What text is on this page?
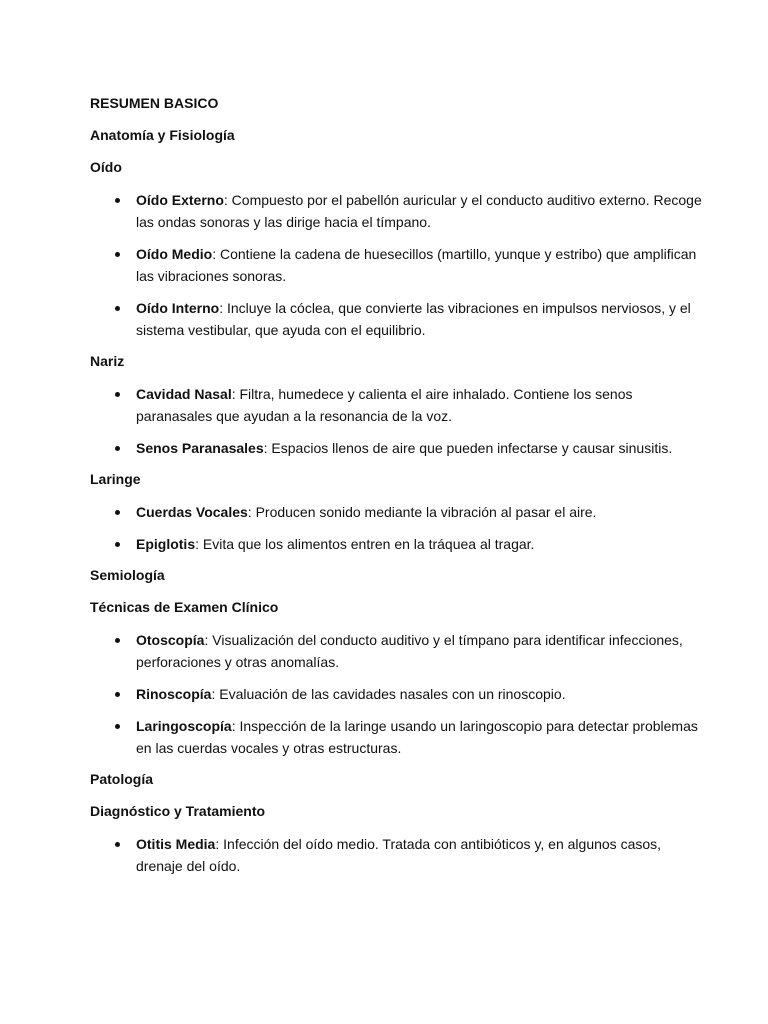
RESUMEN BASICO
Anatomía y Fisiología
Oído
Oído Externo: Compuesto por el pabellón auricular y el conducto auditivo externo. Recoge las ondas sonoras y las dirige hacia el tímpano.
Oído Medio: Contiene la cadena de huesecillos (martillo, yunque y estribo) que amplifican las vibraciones sonoras.
Oído Interno: Incluye la cóclea, que convierte las vibraciones en impulsos nerviosos, y el sistema vestibular, que ayuda con el equilibrio.
Nariz
Cavidad Nasal: Filtra, humedece y calienta el aire inhalado. Contiene los senos paranasales que ayudan a la resonancia de la voz.
Senos Paranasales: Espacios llenos de aire que pueden infectarse y causar sinusitis.
Laringe
Cuerdas Vocales: Producen sonido mediante la vibración al pasar el aire.
Epiglotis: Evita que los alimentos entren en la tráquea al tragar.
Semiología
Técnicas de Examen Clínico
Otoscopía: Visualización del conducto auditivo y el tímpano para identificar infecciones, perforaciones y otras anomalías.
Rinoscopía: Evaluación de las cavidades nasales con un rinoscopio.
Laringoscopía: Inspección de la laringe usando un laringoscopio para detectar problemas en las cuerdas vocales y otras estructuras.
Patología
Diagnóstico y Tratamiento
Otitis Media: Infección del oído medio. Tratada con antibióticos y, en algunos casos, drenaje del oído.
